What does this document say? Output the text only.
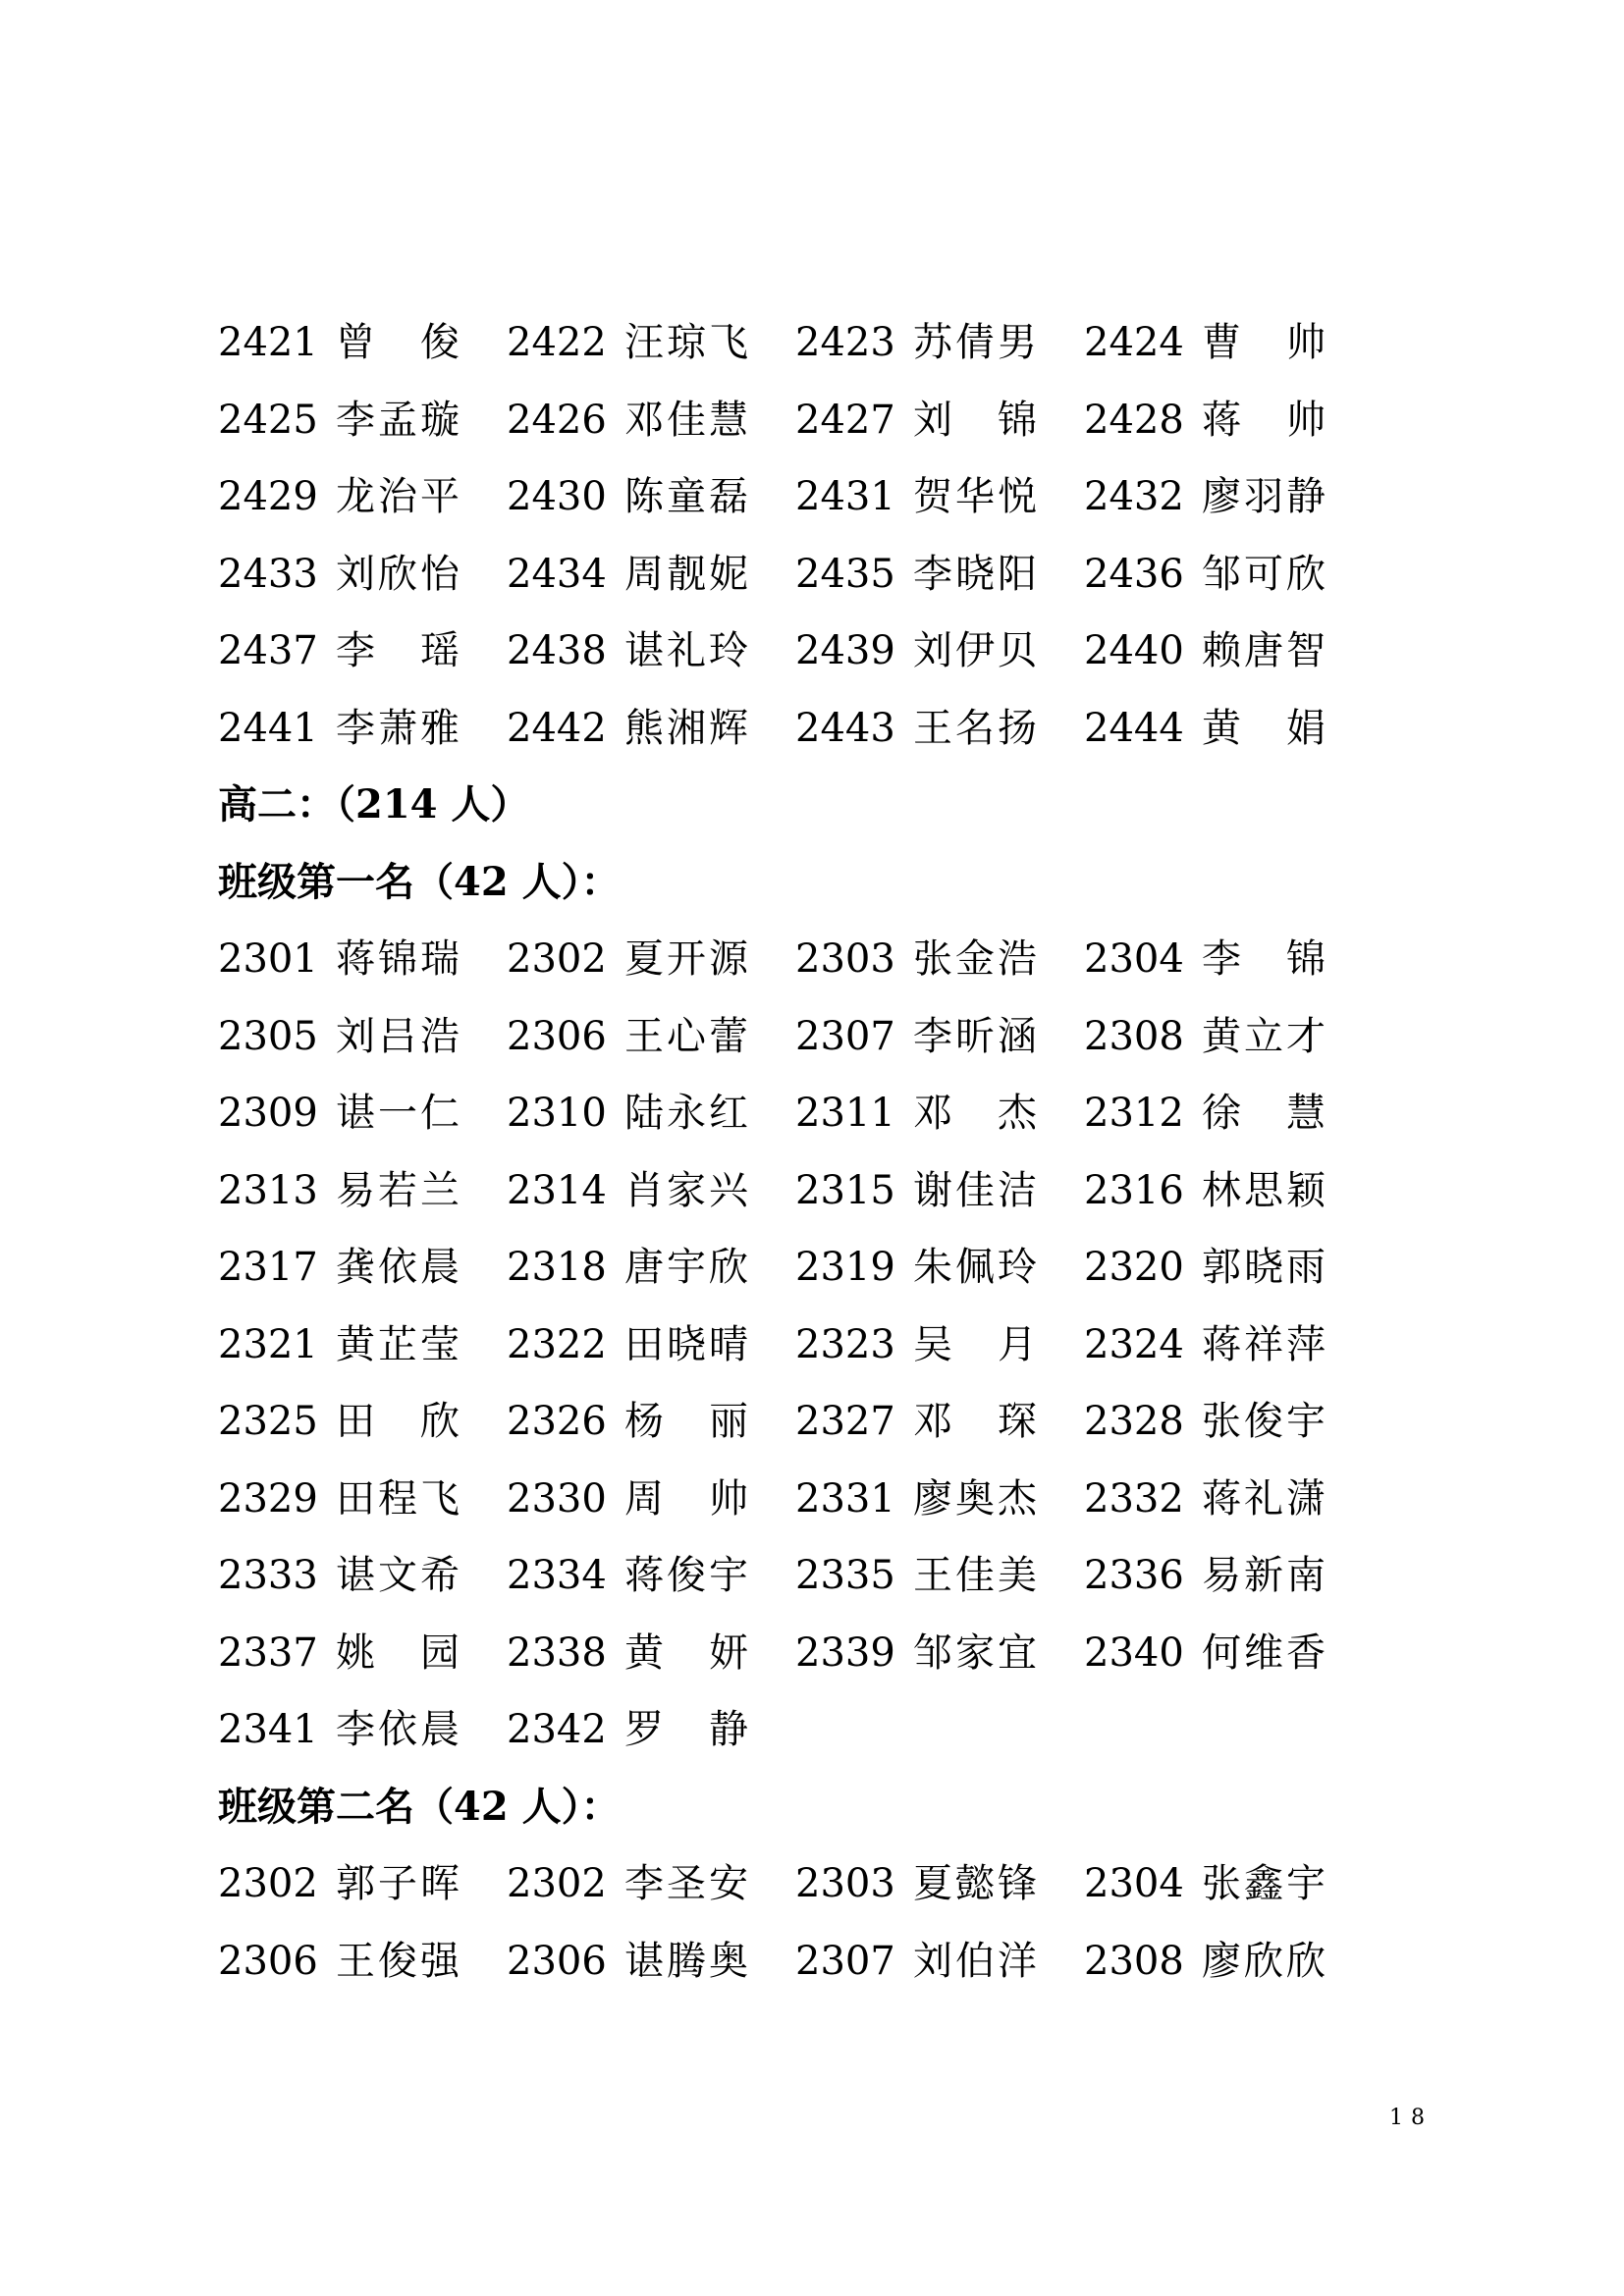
2421 曾 俊 2422 汪 琼 飞 2423 苏 倩 男 2424 曹 帅
2425 李 孟 璇 2426 邓 佳 慧 2427 刘 锦 2428 蒋 帅
2429 龙 治 平 2430 陈 童 磊 2431 贺 华 悦 2432 廖 羽 静
2433 刘 欣 怡 2434 周 靓 妮 2435 李 晓 阳 2436 邹 可 欣
2437 李 瑶 2438 谌 礼 玲 2439 刘 伊 贝 2440 赖 唐 智
2441 李 萧 雅 2442 熊 湘 辉 2443 王 名 扬 2444 黄 娟
高二：（214 人）
班级第一名（42 人）：
2301 蒋 锦 瑞 2302 夏 开 源 2303 张 金 浩 2304 李 锦
2305 刘 吕 浩 2306 王 心 蕾 2307 李 昕 涵 2308 黄 立 才
2309 谌 一 仁 2310 陆 永 红 2311 邓 杰 2312 徐 慧
2313 易 若 兰 2314 肖 家 兴 2315 谢 佳 洁 2316 林 思 颖
2317 龚 依 晨 2318 唐 宇 欣 2319 朱 佩 玲 2320 郭 晓 雨
2321 黄 芷 莹 2322 田 晓 晴 2323 吴 月 2324 蒋 祥 萍
2325 田 欣 2326 杨 丽 2327 邓 琛 2328 张 俊 宇
2329 田 程 飞 2330 周 帅 2331 廖 奥 杰 2332 蒋 礼 潇
2333 谌 文 希 2334 蒋 俊 宇 2335 王 佳 美 2336 易 新 南
2337 姚 园 2338 黄 妍 2339 邹 家 宜 2340 何 维 香
2341 李 依 晨 2342 罗 静
班级第二名（42 人）：
2302 郭 子 晖 2302 李 圣 安 2303 夏 懿 锋 2304 张 鑫 宇
2306 王 俊 强 2306 谌 腾 奥 2307 刘 伯 洋 2308 廖 欣 欣
18
